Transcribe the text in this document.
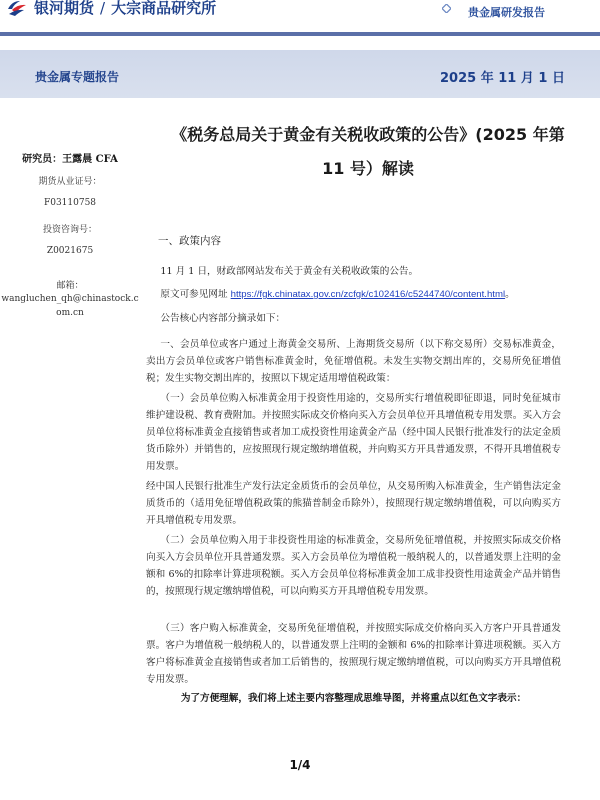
银河期货 / 大宗商品研究所	贵金属研发报告
贵金属专题报告	2025 年 11 月 1 日
研究员：王露晨 CFA
期货从业证号：
F03110758
投资咨询号：
Z0021675
邮箱：
wangluchen_qh@chinastock.c
om.cn
《税务总局关于黄金有关税收政策的公告》(2025 年第
11 号）解读
一、政策内容

11 月 1 日，财政部网站发布关于黄金有关税收政策的公告。

原文可参见网址 https://fgk.chinatax.gov.cn/zcfgk/c102416/c5244740/content.html。

公告核心内容部分摘录如下：

一、会员单位或客户通过上海黄金交易所、上海期货交易所（以下称交易所）交易标准黄金，卖出方会员单位或客户销售标准黄金时，免征增值税。未发生实物交割出库的，交易所免征增值税；发生实物交割出库的，按照以下规定适用增值税政策：

（一）会员单位购入标准黄金用于投资性用途的，交易所实行增值税即征即退，同时免征城市维护建设税、教育费附加。并按照实际成交价格向买入方会员单位开具增值税专用发票。买入方会员单位将标准黄金直接销售或者加工成投资性用途黄金产品（经中国人民银行批准发行的法定金质货币除外）并销售的，应按照现行规定缴纳增值税，并向购买方开具普通发票，不得开具增值税专用发票。

经中国人民银行批准生产发行法定金质货币的会员单位，从交易所购入标准黄金，生产销售法定金质货币的（适用免征增值税政策的熊猫普制金币除外），按照现行规定缴纳增值税，可以向购买方开具增值税专用发票。

（二）会员单位购入用于非投资性用途的标准黄金，交易所免征增值税，并按照实际成交价格向买入方会员单位开具普通发票。买入方会员单位为增值税一般纳税人的，以普通发票上注明的金额和 6%的扣除率计算进项税额。买入方会员单位将标准黄金加工成非投资性用途黄金产品并销售的，按照现行规定缴纳增值税，可以向购买方开具增值税专用发票。

（三）客户购入标准黄金，交易所免征增值税，并按照实际成交价格向买入方客户开具普通发票。客户为增值税一般纳税人的，以普通发票上注明的金额和 6%的扣除率计算进项税额。买入方客户将标准黄金直接销售或者加工后销售的，按照现行规定缴纳增值税，可以向购买方开具增值税专用发票。

为了方便理解，我们将上述主要内容整理成思维导图，并将重点以红色文字表示：
1/4
